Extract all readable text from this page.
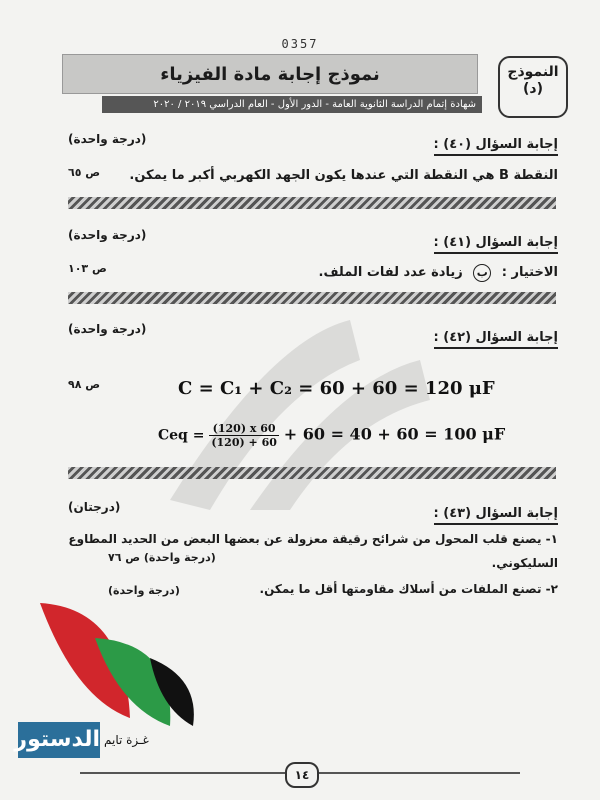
0357
نموذج إجابة مادة الفيزياء	النموذج
(د)
شهادة إتمام الدراسة الثانوية العامة - الدور الأول - العام الدراسي ٢٠١٩ / ٢٠٢٠
إجابة السؤال (٤٠) :
(درجة واحدة)
النقطة B هي النقطة التي عندها يكون الجهد الكهربي أكبر ما يمكن.
ص ٦٥
إجابة السؤال (٤١) :
(درجة واحدة)
الاختيار : ب زيادة عدد لفات الملف.
ص ١٠٣
إجابة السؤال (٤٢) :
(درجة واحدة)
ص ٩٨	C = C₁ + C₂ = 60 + 60 = 120 μF
Ceq = $\frac{(120) x 60}{(120) + 60} + 60 = 40 + 60 = 100$ μF
إجابة السؤال (٤٣) :
(درجتان)
١- يصنع قلب المحول من شرائح رقيقة معزولة عن بعضها البعض من الحديد المطاوع
السليكوني.
(درجة واحدة) ص ٧٦
٢- تصنع الملفات من أسلاك مقاومتها أقل ما يمكن.
(درجة واحدة)
الدستور غـزة تايم
١٤
